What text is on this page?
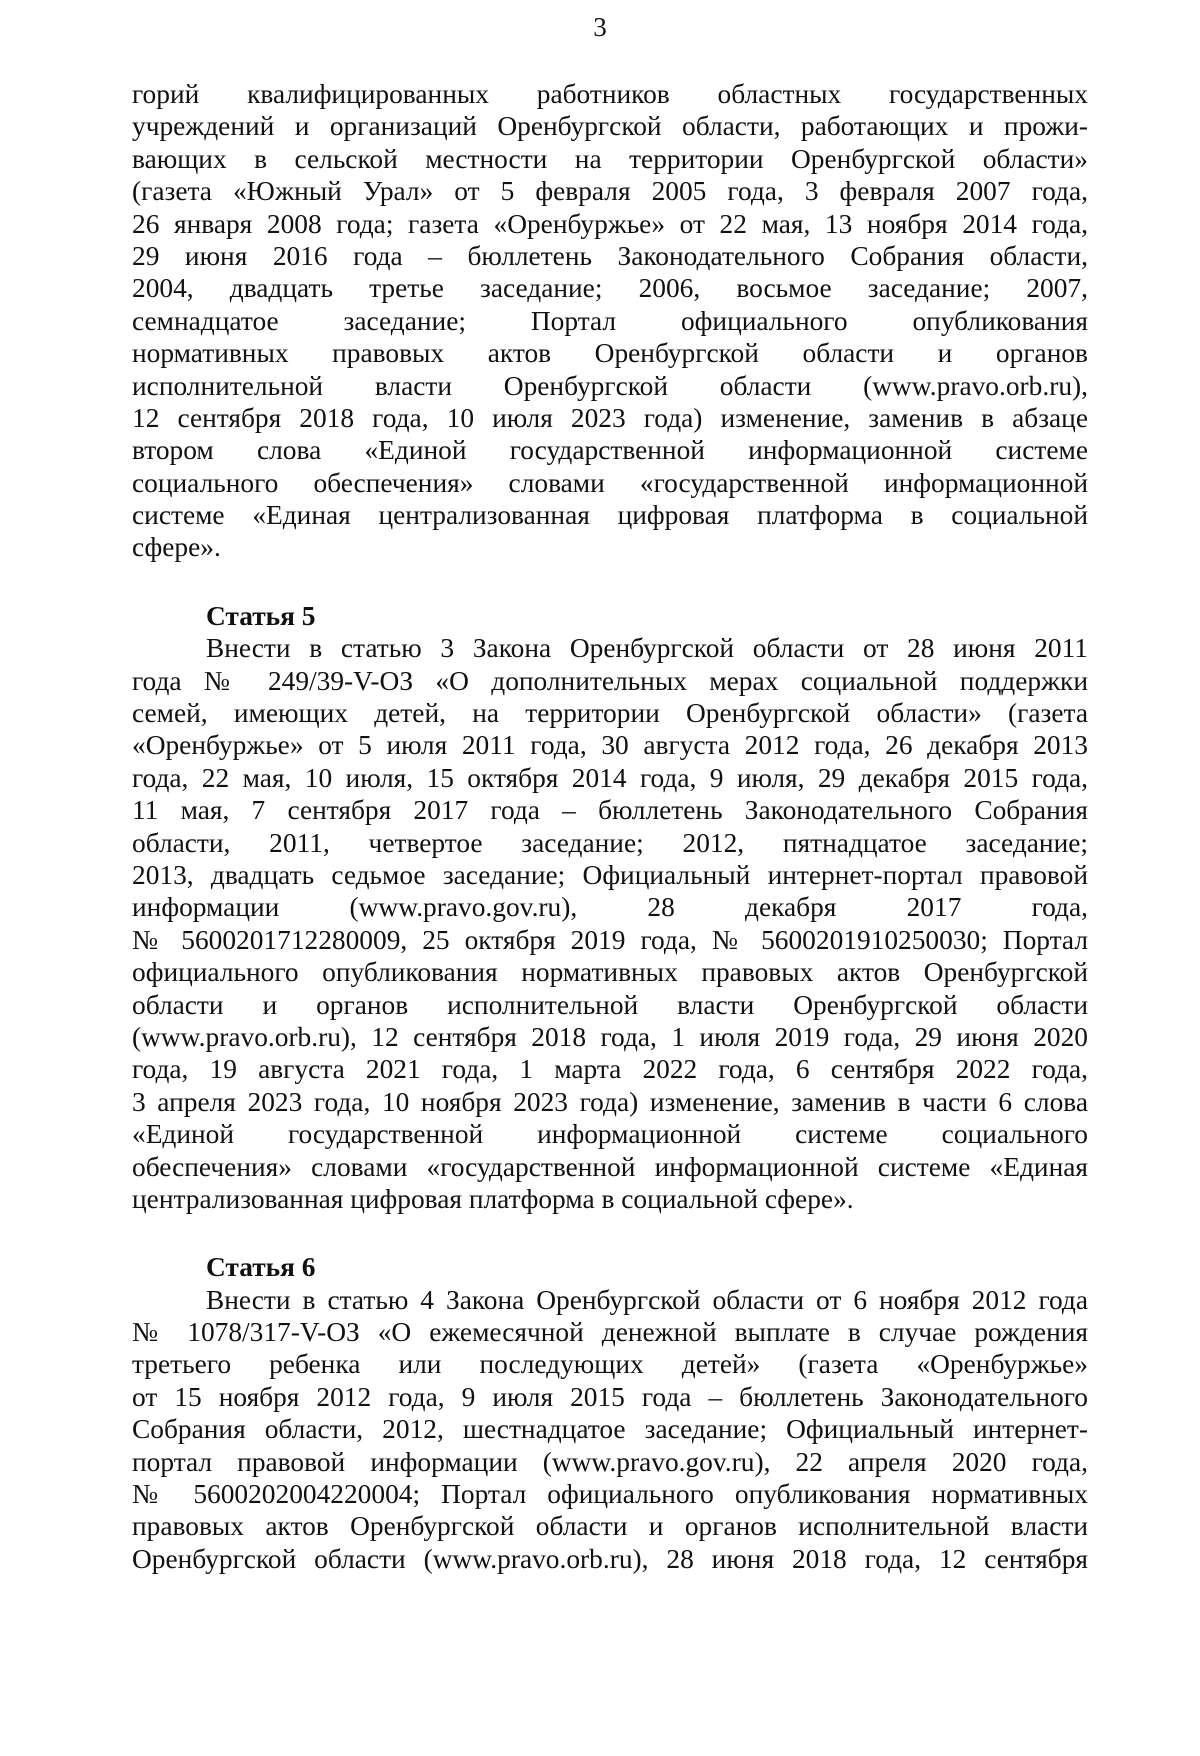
3
горий квалифицированных работников областных государственных
учреждений и организаций Оренбургской области, работающих и прожи-
вающих в сельской местности на территории Оренбургской области»
(газета «Южный Урал» от 5 февраля 2005 года, 3 февраля 2007 года,
26 января 2008 года; газета «Оренбуржье» от 22 мая, 13 ноября 2014 года,
29 июня 2016 года – бюллетень Законодательного Собрания области,
2004, двадцать третье заседание; 2006, восьмое заседание; 2007,
семнадцатое заседание; Портал официального опубликования
нормативных правовых актов Оренбургской области и органов
исполнительной власти Оренбургской области (www.pravo.orb.ru),
12 сентября 2018 года, 10 июля 2023 года) изменение, заменив в абзаце
втором слова «Единой государственной информационной системе
социального обеспечения» словами «государственной информационной
системе «Единая централизованная цифровая платформа в социальной
сфере».
Статья 5
Внести в статью 3 Закона Оренбургской области от 28 июня 2011
года № 249/39-V-ОЗ «О дополнительных мерах социальной поддержки
семей, имеющих детей, на территории Оренбургской области» (газета
«Оренбуржье» от 5 июля 2011 года, 30 августа 2012 года, 26 декабря 2013
года, 22 мая, 10 июля, 15 октября 2014 года, 9 июля, 29 декабря 2015 года,
11 мая, 7 сентября 2017 года – бюллетень Законодательного Собрания
области, 2011, четвертое заседание; 2012, пятнадцатое заседание;
2013, двадцать седьмое заседание; Официальный интернет-портал правовой
информации (www.pravo.gov.ru), 28 декабря 2017 года,
№ 5600201712280009, 25 октября 2019 года, № 5600201910250030; Портал
официального опубликования нормативных правовых актов Оренбургской
области и органов исполнительной власти Оренбургской области
(www.pravo.orb.ru), 12 сентября 2018 года, 1 июля 2019 года, 29 июня 2020
года, 19 августа 2021 года, 1 марта 2022 года, 6 сентября 2022 года,
3 апреля 2023 года, 10 ноября 2023 года) изменение, заменив в части 6 слова
«Единой государственной информационной системе социального
обеспечения» словами «государственной информационной системе «Единая
централизованная цифровая платформа в социальной сфере».
Статья 6
Внести в статью 4 Закона Оренбургской области от 6 ноября 2012 года
№ 1078/317-V-ОЗ «О ежемесячной денежной выплате в случае рождения
третьего ребенка или последующих детей» (газета «Оренбуржье»
от 15 ноября 2012 года, 9 июля 2015 года – бюллетень Законодательного
Собрания области, 2012, шестнадцатое заседание; Официальный интернет-
портал правовой информации (www.pravo.gov.ru), 22 апреля 2020 года,
№ 5600202004220004; Портал официального опубликования нормативных
правовых актов Оренбургской области и органов исполнительной власти
Оренбургской области (www.pravo.orb.ru), 28 июня 2018 года, 12 сентября
